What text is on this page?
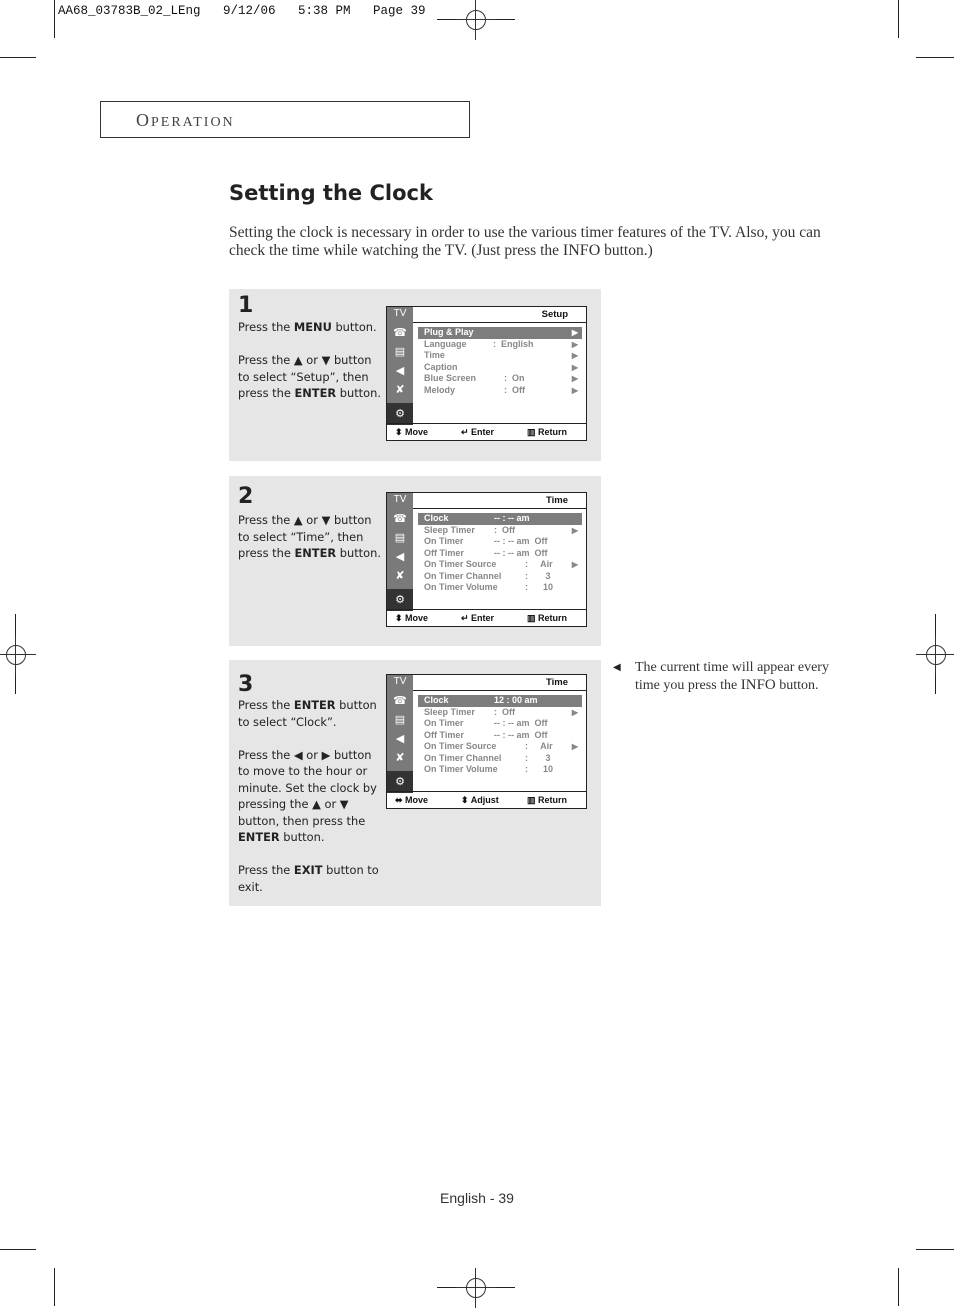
AA68_03783B_02_LEng   9/12/06   5:38 PM   Page 39
OPERATION
Setting the Clock
Setting the clock is necessary in order to use the various timer features of the TV. Also, you can check the time while watching the TV. (Just press the INFO button.)
1

Press the MENU button.

Press the ▲ or ▼ button to select “Setup”, then press the ENTER button.

TV
☎
▤
◀
✘
⚙
Setup
Plug & Play	▶
Language	:  English	▶
Time	▶
Caption	▶
Blue Screen	:  On	▶
Melody	:  Off	▶
⬍ Move	↵ Enter	▥ Return
2

Press the ▲ or ▼ button to select “Time”, then press the ENTER button.

TV
☎
▤
◀
✘
⚙
Time
Clock	-- : -- am
Sleep Timer :  Off	▶
On Timer	-- : -- am  Off
Off Timer	-- : -- am  Off
On Timer Source	:     Air ▶
On Timer Channel	:       3
On Timer Volume	:      10
⬍ Move	↵ Enter	▥ Return
3

Press the ENTER button to select “Clock”.

Press the ◀ or ▶ button to move to the hour or minute. Set the clock by pressing the ▲ or ▼ button, then press the ENTER button.

Press the EXIT button to exit.

TV
☎
▤
◀
✘
⚙
Time
Clock	12 : 00 am
Sleep Timer :  Off	▶
On Timer	-- : -- am  Off
Off Timer	-- : -- am  Off
On Timer Source	:     Air ▶
On Timer Channel	:       3
On Timer Volume	:      10
⬌ Move	⬍ Adjust	▥ Return
◀ The current time will appear every time you press the INFO button.
English - 39
